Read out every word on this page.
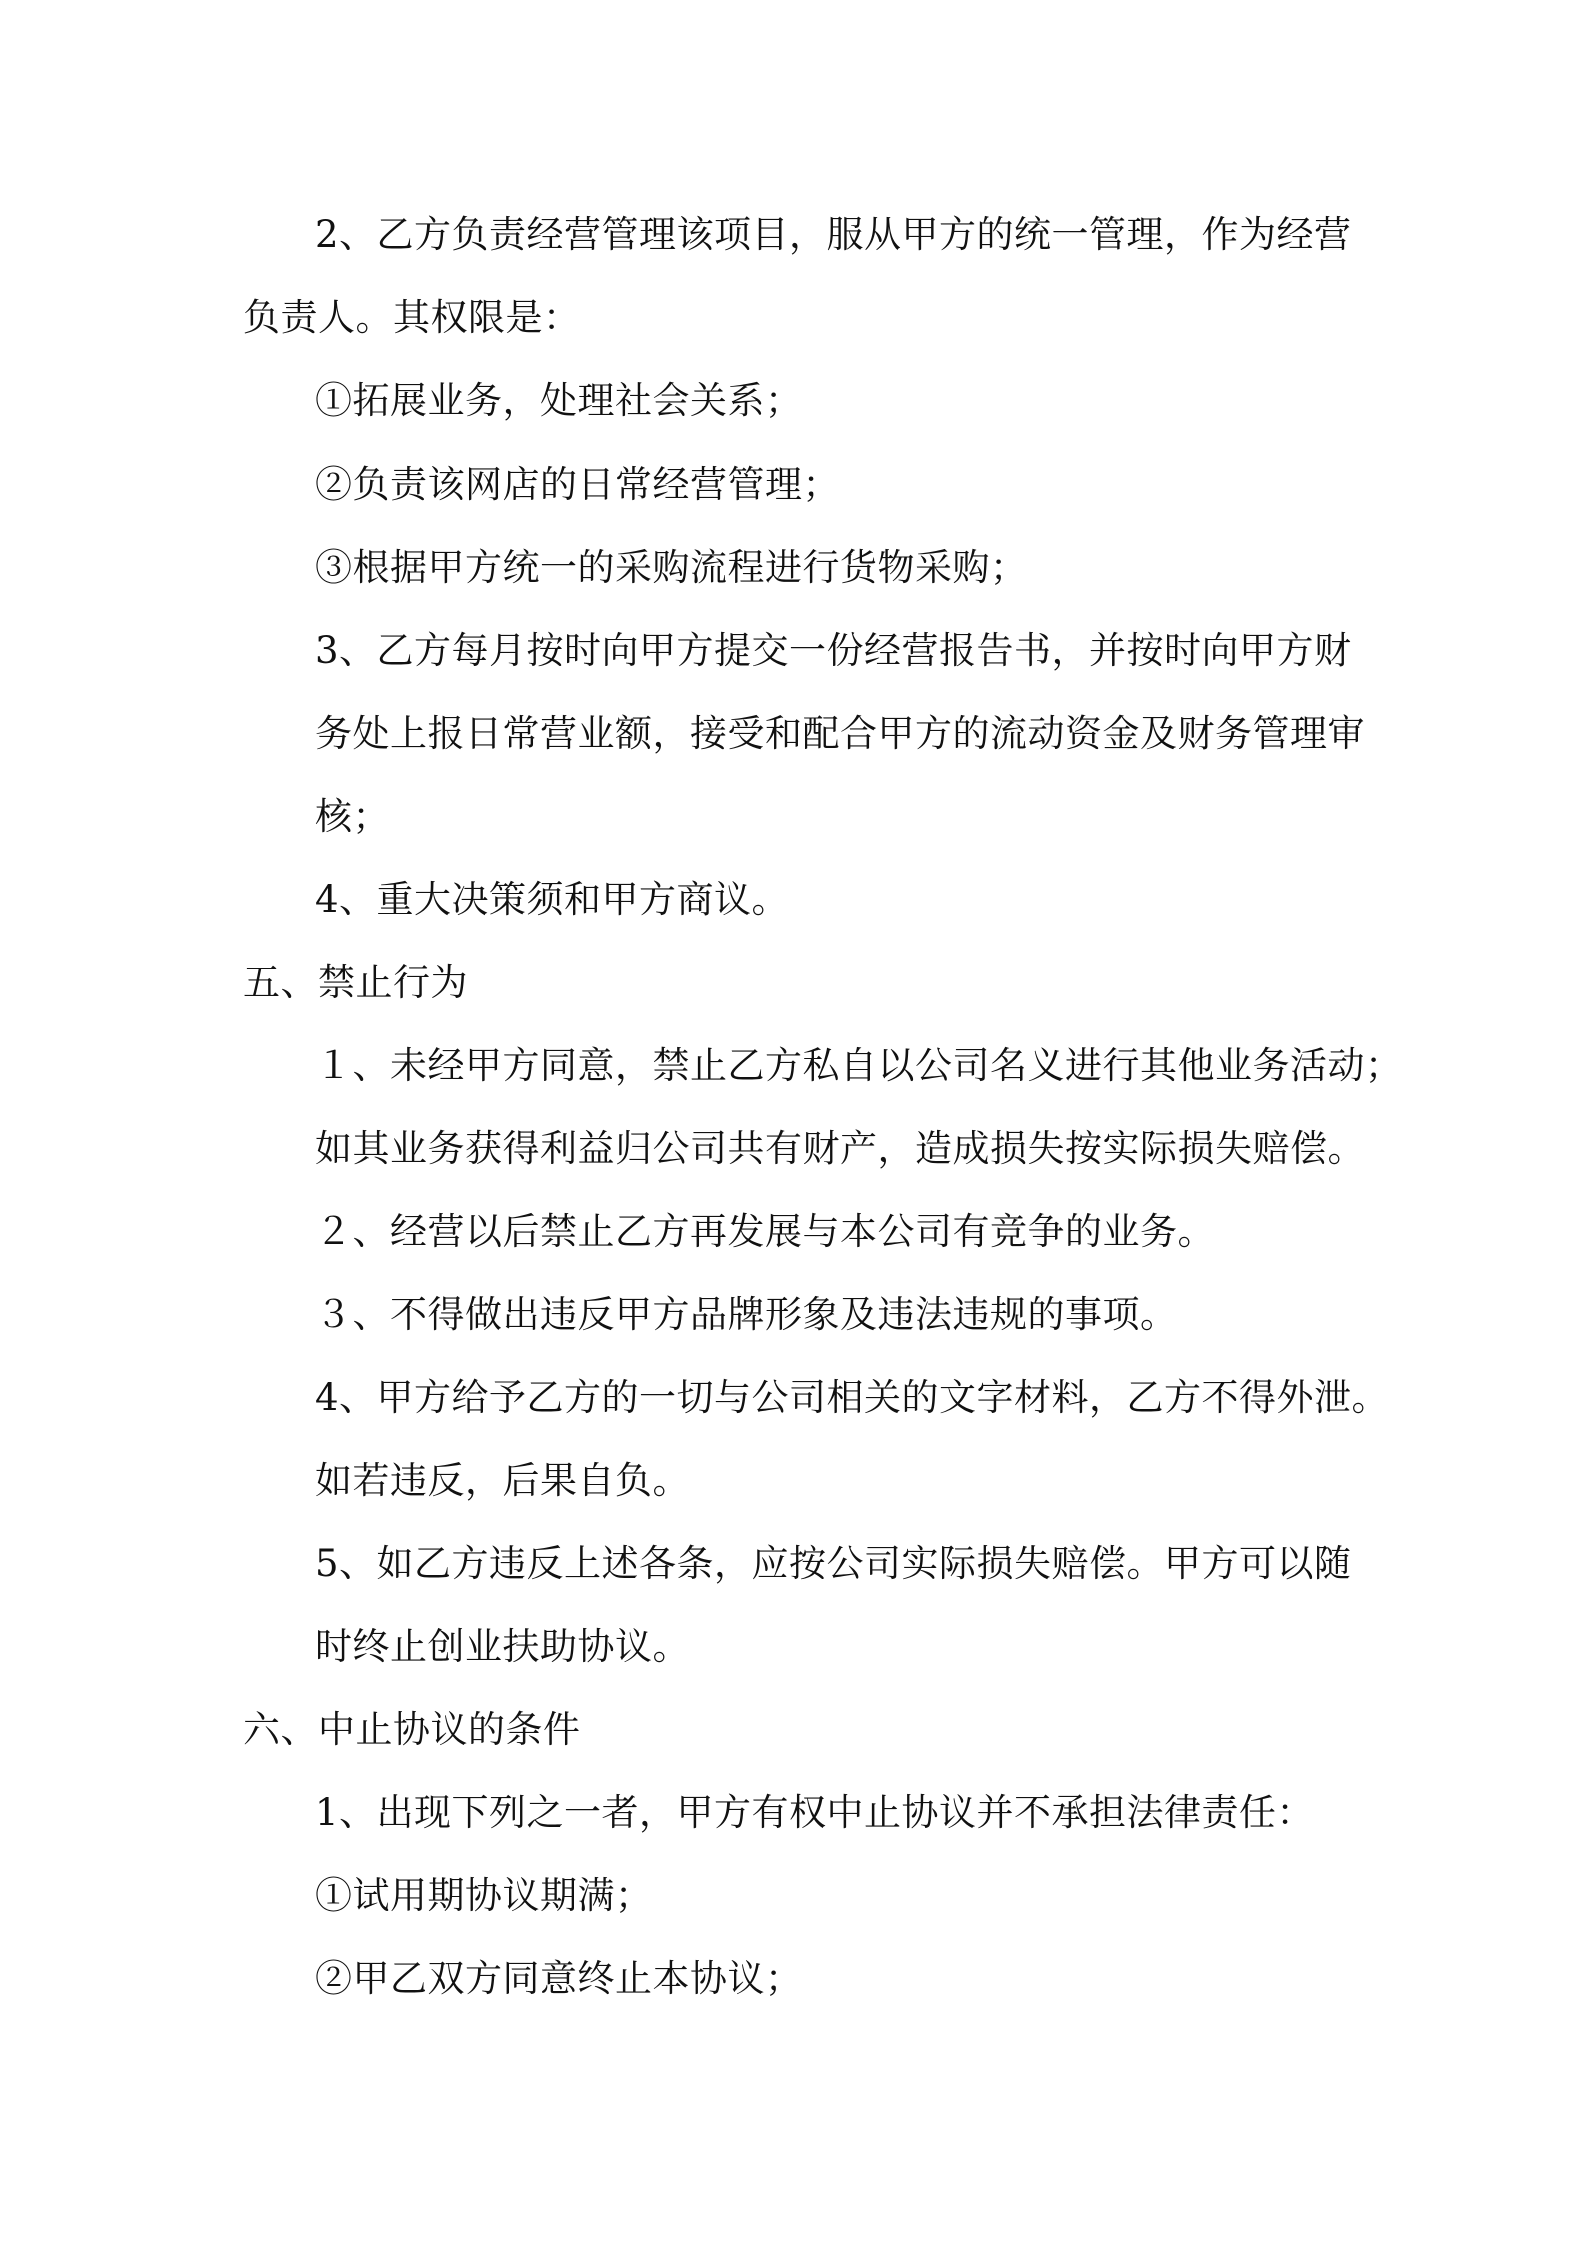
2、乙方负责经营管理该项目，服从甲方的统一管理，作为经营
负责人。其权限是：
①拓展业务，处理社会关系；
②负责该网店的日常经营管理；
③根据甲方统一的采购流程进行货物采购；
3、乙方每月按时向甲方提交一份经营报告书，并按时向甲方财
务处上报日常营业额，接受和配合甲方的流动资金及财务管理审
核；
4、重大决策须和甲方商议。
五、禁止行为
１、未经甲方同意，禁止乙方私自以公司名义进行其他业务活动；
如其业务获得利益归公司共有财产，造成损失按实际损失赔偿。
２、经营以后禁止乙方再发展与本公司有竞争的业务。
３、不得做出违反甲方品牌形象及违法违规的事项。
4、甲方给予乙方的一切与公司相关的文字材料，乙方不得外泄。
如若违反，后果自负。
5、如乙方违反上述各条，应按公司实际损失赔偿。甲方可以随
时终止创业扶助协议。
六、中止协议的条件
1、出现下列之一者，甲方有权中止协议并不承担法律责任：
①试用期协议期满；
②甲乙双方同意终止本协议；
